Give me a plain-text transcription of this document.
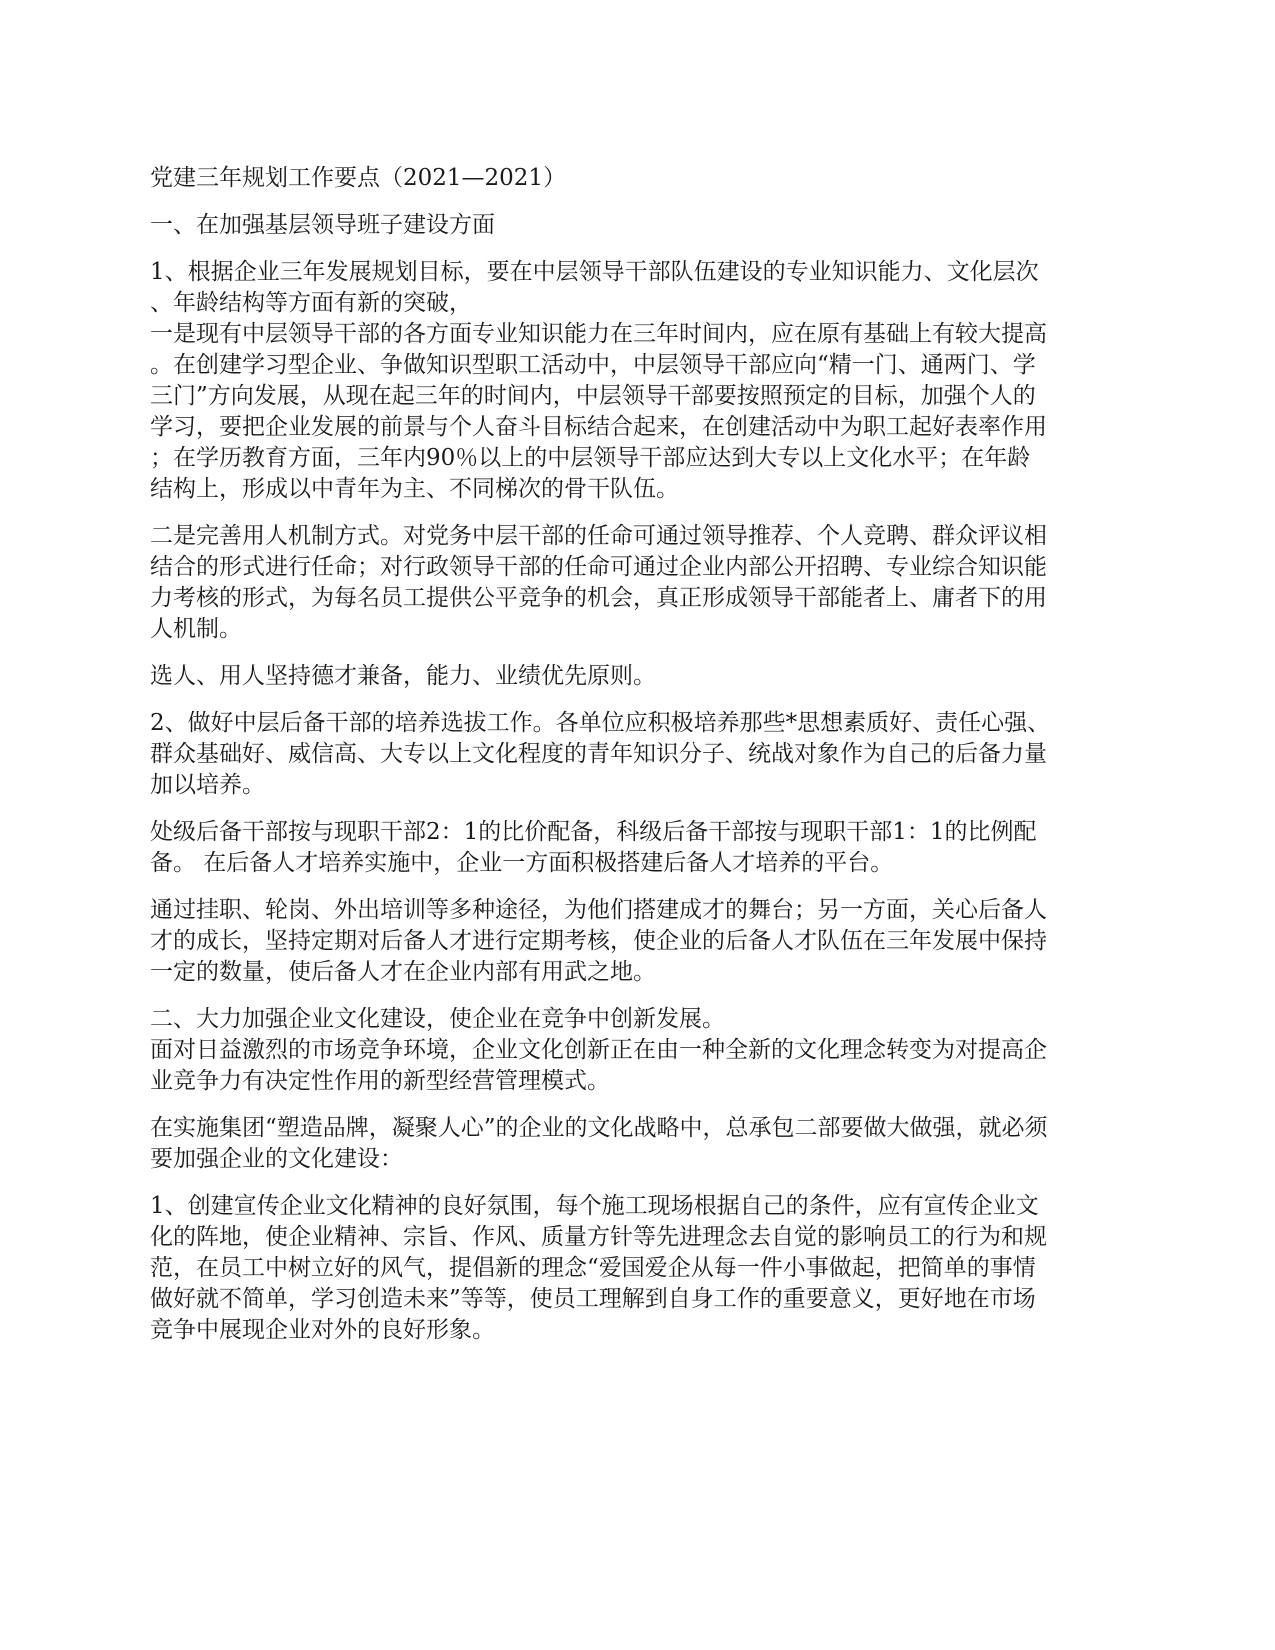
党建三年规划工作要点（2021—2021）

一、在加强基层领导班子建设方面

1、根据企业三年发展规划目标，要在中层领导干部队伍建设的专业知识能力、文化层次
、年龄结构等方面有新的突破，
一是现有中层领导干部的各方面专业知识能力在三年时间内，应在原有基础上有较大提高
。在创建学习型企业、争做知识型职工活动中，中层领导干部应向“精一门、通两门、学
三门”方向发展，从现在起三年的时间内，中层领导干部要按照预定的目标，加强个人的
学习，要把企业发展的前景与个人奋斗目标结合起来，在创建活动中为职工起好表率作用
；在学历教育方面，三年内90％以上的中层领导干部应达到大专以上文化水平；在年龄
结构上，形成以中青年为主、不同梯次的骨干队伍。

二是完善用人机制方式。对党务中层干部的任命可通过领导推荐、个人竞聘、群众评议相
结合的形式进行任命；对行政领导干部的任命可通过企业内部公开招聘、专业综合知识能
力考核的形式，为每名员工提供公平竞争的机会，真正形成领导干部能者上、庸者下的用
人机制。

选人、用人坚持德才兼备，能力、业绩优先原则。

2、做好中层后备干部的培养选拔工作。各单位应积极培养那些*思想素质好、责任心强、
群众基础好、威信高、大专以上文化程度的青年知识分子、统战对象作为自己的后备力量
加以培养。

处级后备干部按与现职干部2：1的比价配备，科级后备干部按与现职干部1：1的比例配
备。 在后备人才培养实施中，企业一方面积极搭建后备人才培养的平台。

通过挂职、轮岗、外出培训等多种途径，为他们搭建成才的舞台；另一方面，关心后备人
才的成长，坚持定期对后备人才进行定期考核，使企业的后备人才队伍在三年发展中保持
一定的数量，使后备人才在企业内部有用武之地。

二、大力加强企业文化建设，使企业在竞争中创新发展。
面对日益激烈的市场竞争环境，企业文化创新正在由一种全新的文化理念转变为对提高企
业竞争力有决定性作用的新型经营管理模式。

在实施集团“塑造品牌，凝聚人心”的企业的文化战略中，总承包二部要做大做强，就必须
要加强企业的文化建设：

1、创建宣传企业文化精神的良好氛围，每个施工现场根据自己的条件，应有宣传企业文
化的阵地，使企业精神、宗旨、作风、质量方针等先进理念去自觉的影响员工的行为和规
范，在员工中树立好的风气，提倡新的理念“爱国爱企从每一件小事做起，把简单的事情
做好就不简单，学习创造未来”等等，使员工理解到自身工作的重要意义，更好地在市场
竞争中展现企业对外的良好形象。
